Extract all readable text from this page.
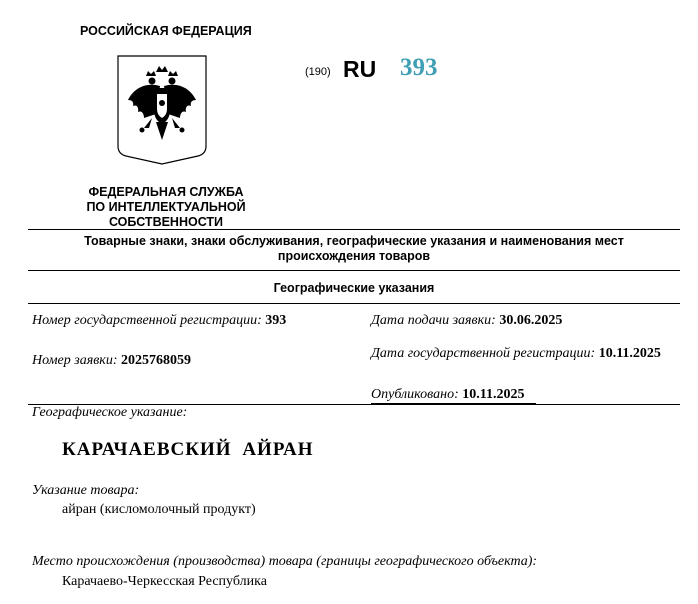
РОССИЙСКАЯ ФЕДЕРАЦИЯ
ФЕДЕРАЛЬНАЯ СЛУЖБА
ПО ИНТЕЛЛЕКТУАЛЬНОЙ СОБСТВЕННОСТИ
(190) RU 393
Товарные знаки, знаки обслуживания, географические указания и наименования мест
происхождения товаров
Географические указания
Номер государственной регистрации: 393	Дата подачи заявки: 30.06.2025
Номер заявки: 2025768059	Дата государственной регистрации: 10.11.2025
Опубликовано: 10.11.2025
Географическое указание:
КАРАЧАЕВСКИЙ АЙРАН
Указание товара:
айран (кисломолочный продукт)
Место происхождения (производства) товара (границы географического объекта):
Карачаево-Черкесская Республика
